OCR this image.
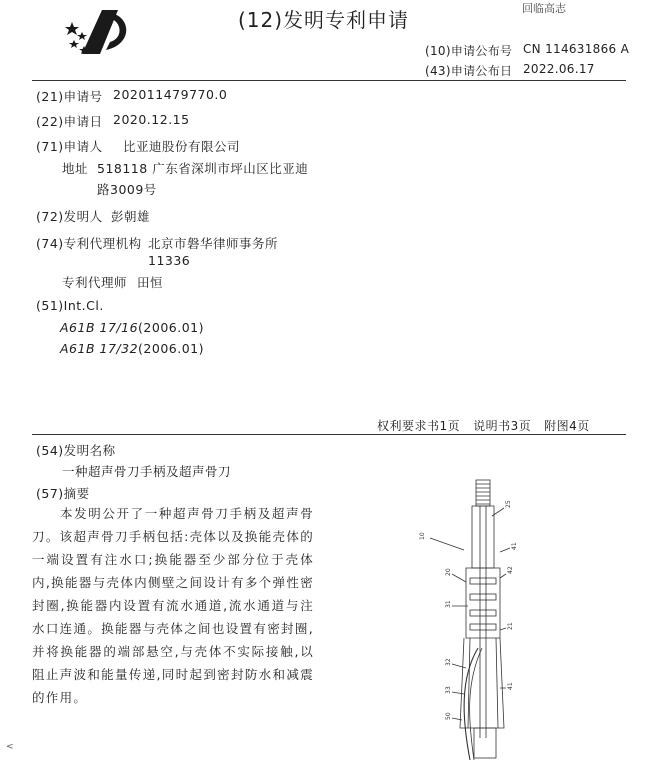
(12)发明专利申请	回临高志
(10)申请公布号 CN 114631866 A
(43)申请公布日 2022.06.17
(21)申请号 202011479770.0
(22)申请日 2020.12.15
(71)申请人 比亚迪股份有限公司
地址 518118 广东省深圳市坪山区比亚迪
路3009号
(72)发明人 彭朝雄
(74)专利代理机构 北京市磐华律师事务所
11336
专利代理师 田恒
(51)Int.Cl.
A61B 17/16(2006.01)
A61B 17/32(2006.01)
权利要求书1页   说明书3页   附图4页
(54)发明名称
一种超声骨刀手柄及超声骨刀
(57)摘要
本发明公开了一种超声骨刀手柄及超声骨刀。该超声骨刀手柄包括:壳体以及换能壳体的一端设置有注水口;换能器至少部分位于壳体内,换能器与壳体内侧壁之间设计有多个弹性密封圈,换能器内设置有流水通道,流水通道与注水口连通。换能器与壳体之间也设置有密封圈,并将换能器的端部悬空,与壳体不实际接触,以阻止声波和能量传递,同时起到密封防水和减震的作用。
10
25
41
42
20
31
21
32
33
41
50
<
